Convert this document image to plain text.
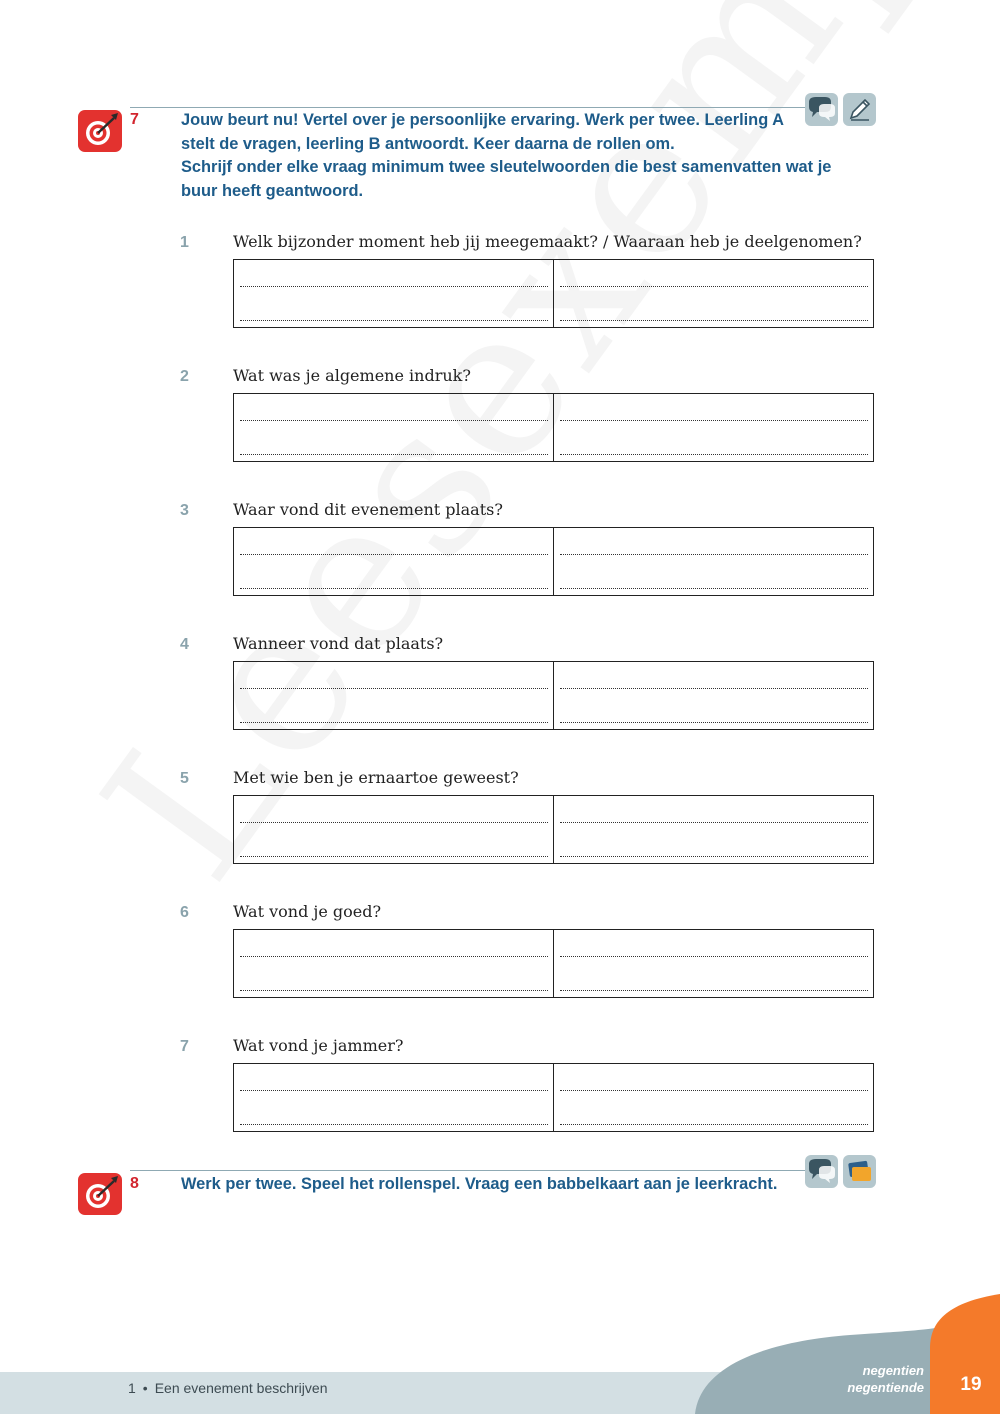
7	Jouw beurt nu! Vertel over je persoonlijke ervaring. Werk per twee. Leerling A

stelt de vragen, leerling B antwoordt. Keer daarna de rollen om.

Schrijf onder elke vraag minimum twee sleutelwoorden die best samenvatten wat je

buur heeft geantwoord.

1	Welk bijzonder moment heb jij meegemaakt? / Waaraan heb je deelgenomen?
2	Wat was je algemene indruk?
3	Waar vond dit evenement plaats?
4	Wanneer vond dat plaats?
5	Met wie ben je ernaartoe geweest?
6	Wat vond je goed?
7	Wat vond je jammer?
8	Werk per twee. Speel het rollenspel. Vraag een babbelkaart aan je leerkracht.
1 • Een evenement beschrijven
negentien
negentiende	19
